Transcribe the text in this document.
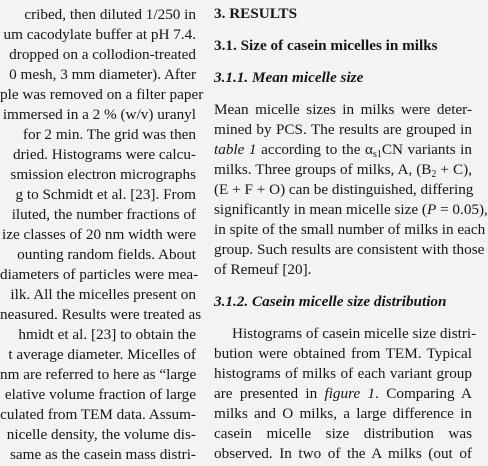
cribed, then diluted 1/250 in
um cacodylate buffer at pH 7.4.
dropped on a collodion-treated
0 mesh, 3 mm diameter). After
ple was removed on a filter paper
immersed in a 2 % (w/v) uranyl
for 2 min. The grid was then
dried. Histograms were calcu-
smission electron micrographs
g to Schmidt et al. [23]. From
iluted, the number fractions of
ize classes of 20 nm width were
ounting random fields. About
diameters of particles were mea-
ilk. All the micelles present on
neasured. Results were treated as
hmidt et al. [23] to obtain the
t average diameter. Micelles of
nm are referred to here as “large
elative volume fraction of large
culated from TEM data. Assum-
nicelle density, the volume dis-
same as the casein mass distri-
3. RESULTS
3.1. Size of casein micelles in milks
3.1.1. Mean micelle size
Mean micelle sizes in milks were deter-
mined by PCS. The results are grouped in
table 1 according to the $\alpha_{s1}CN$ variants in
milks. Three groups of milks, A, $(B_2 + C)$,
(E + F + O) can be distinguished, differing
significantly in mean micelle size (P = 0.05),
in spite of the small number of milks in each
group. Such results are consistent with those
of Remeuf [20].
3.1.2. Casein micelle size distribution
Histograms of casein micelle size distri-
bution were obtained from TEM. Typical
histograms of milks of each variant group
are presented in figure 1. Comparing A
milks and O milks, a large difference in
casein micelle size distribution was
observed. In two of the A milks (out of
